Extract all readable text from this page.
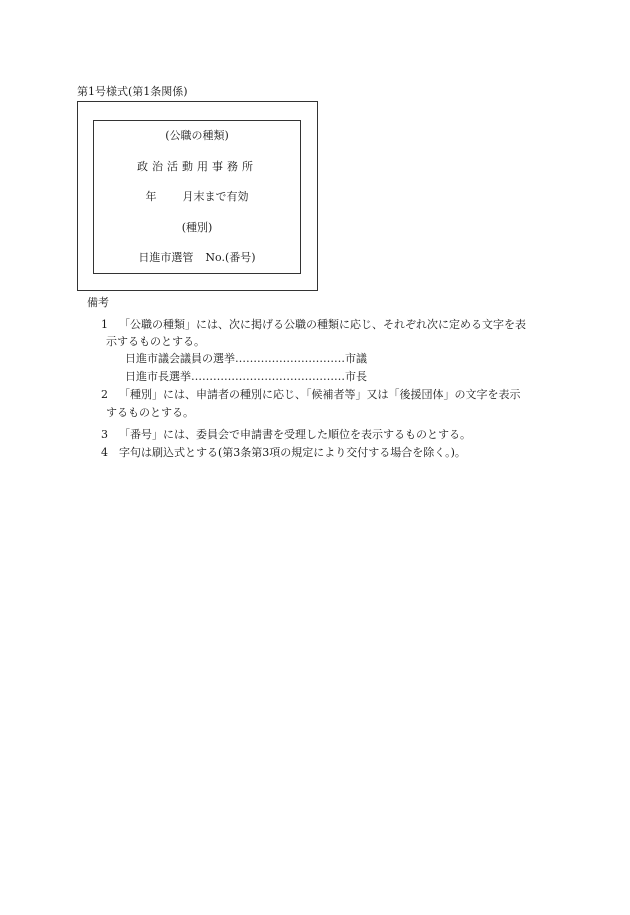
第1号様式(第1条関係)
(公職の種類)
政治活動用事務所
年 月末まで有効
(種別)
日進市選管 No.(番号)
備考
1 「公職の種類」には、次に掲げる公職の種類に応じ、それぞれ次に定める文字を表
示するものとする。
日進市議会議員の選挙…………………………市議
日進市長選挙……………………………………市長
2 「種別」には、申請者の種別に応じ、「候補者等」又は「後援団体」の文字を表示
するものとする。
3 「番号」には、委員会で申請書を受理した順位を表示するものとする。
4 字句は刷込式とする(第3条第3項の規定により交付する場合を除く。)。
